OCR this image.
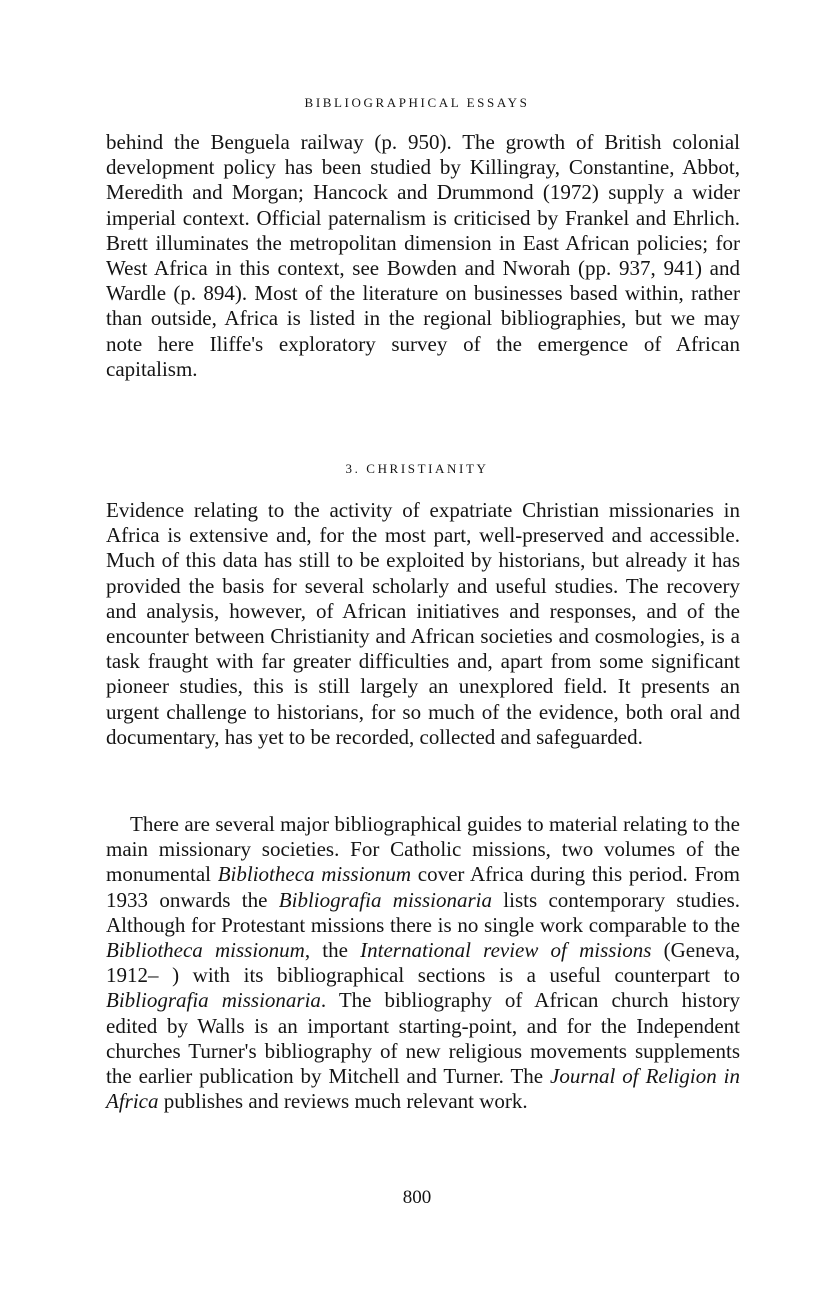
BIBLIOGRAPHICAL ESSAYS

behind the Benguela railway (p. 950). The growth of British colonial development policy has been studied by Killingray, Constantine, Abbot, Meredith and Morgan; Hancock and Drummond (1972) supply a wider imperial context. Official paternalism is criticised by Frankel and Ehrlich. Brett illuminates the metropolitan dimension in East African policies; for West Africa in this context, see Bowden and Nworah (pp. 937, 941) and Wardle (p. 894). Most of the literature on businesses based within, rather than outside, Africa is listed in the regional bibliographies, but we may note here Iliffe's exploratory survey of the emergence of African capitalism.

3. CHRISTIANITY

Evidence relating to the activity of expatriate Christian missionaries in Africa is extensive and, for the most part, well-preserved and accessible. Much of this data has still to be exploited by historians, but already it has provided the basis for several scholarly and useful studies. The recovery and analysis, however, of African initiatives and responses, and of the encounter between Christianity and African societies and cosmologies, is a task fraught with far greater difficulties and, apart from some significant pioneer studies, this is still largely an unexplored field. It presents an urgent challenge to historians, for so much of the evidence, both oral and documentary, has yet to be recorded, collected and safeguarded.

There are several major bibliographical guides to material relating to the main missionary societies. For Catholic missions, two volumes of the monumental Bibliotheca missionum cover Africa during this period. From 1933 onwards the Bibliografia missionaria lists contemporary studies. Although for Protestant missions there is no single work comparable to the Bibliotheca missionum, the International review of missions (Geneva, 1912– ) with its bibliographical sections is a useful counterpart to Bibliografia missionaria. The bibliography of African church history edited by Walls is an important starting-point, and for the Independent churches Turner's bibliography of new religious movements supplements the earlier publication by Mitchell and Turner. The Journal of Religion in Africa publishes and reviews much relevant work.

800
